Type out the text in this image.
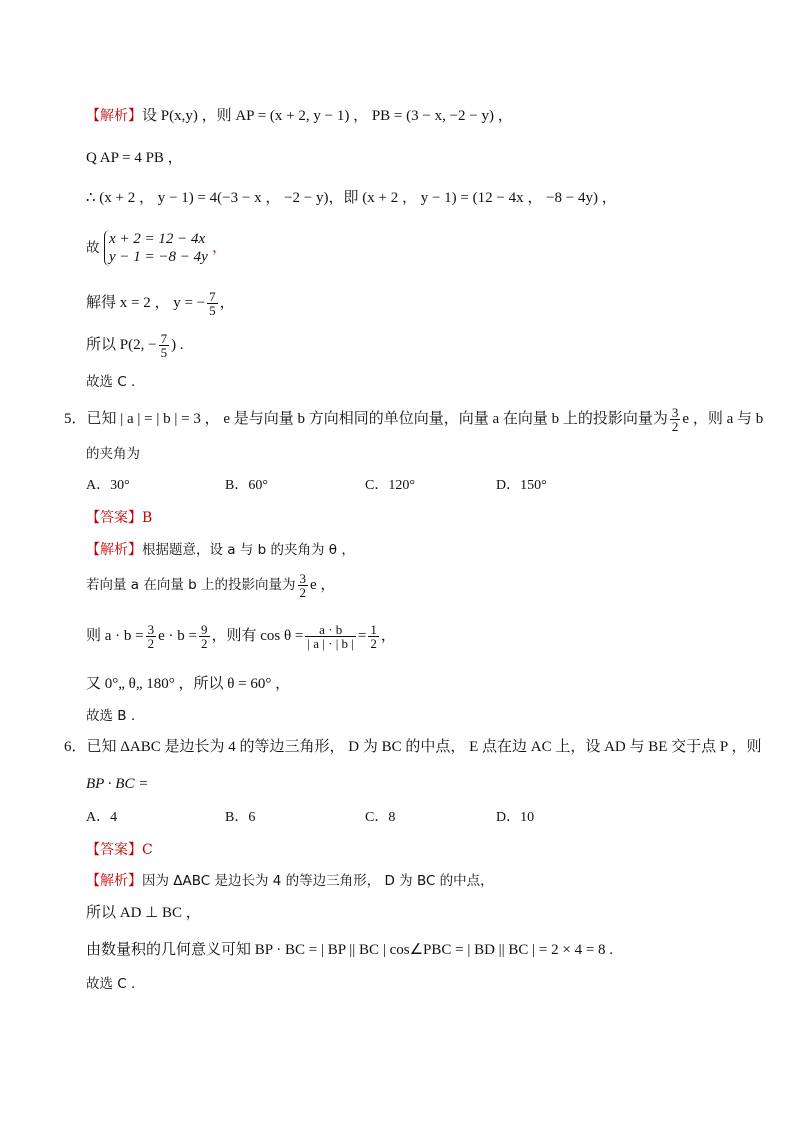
【解析】设 P(x,y) ，则 AP = (x + 2, y − 1) ， PB = (3 − x, −2 − y) ，
Q AP = 4 PB ，
∴ (x + 2 ， y − 1) = 4(−3 − x ， −2 − y)，即 (x + 2 ， y − 1) = (12 − 4x ， −8 − 4y) ，
故
x + 2 = 12 − 4x
y − 1 = −8 − 4y
，
解得 x = 2 ， y = − $\frac{7}{5}$ ，
所以 P(2, − $\frac{7}{5}$ ) .
故选 C .
5．已知 | a | = | b | = 3 ， e 是与向量 b 方向相同的单位向量，向量 a 在向量 b 上的投影向量为 $\frac{3}{2}$ e ，则 a 与 b
的夹角为
A．30°	B．60°	C．120°	D．150°
【答案】B
【解析】根据题意，设 a 与 b 的夹角为 θ ，
若向量 a 在向量 b 上的投影向量为 $\frac{3}{2}$ e ，
则 $a \cdot b = \frac{3}{2}$ $e \cdot b = \frac{9}{2}$ ，则有 $\cos \theta = \frac{a \cdot b}{| a | \cdot | b |} = \frac{1}{2}$ ，
又 0°„ θ„ 180° ，所以 θ = 60° ，
故选 B .
6．已知 ΔABC 是边长为 4 的等边三角形， D 为 BC 的中点， E 点在边 AC 上，设 AD 与 BE 交于点 P ，则
BP · BC =
A．4	B．6	C．8	D．10
【答案】C
【解析】因为 ΔABC 是边长为 4 的等边三角形， D 为 BC 的中点，
所以 AD ⊥ BC ，
由数量积的几何意义可知 BP · BC = | BP || BC | cos∠PBC = | BD || BC | = 2 × 4 = 8 .
故选 C .
